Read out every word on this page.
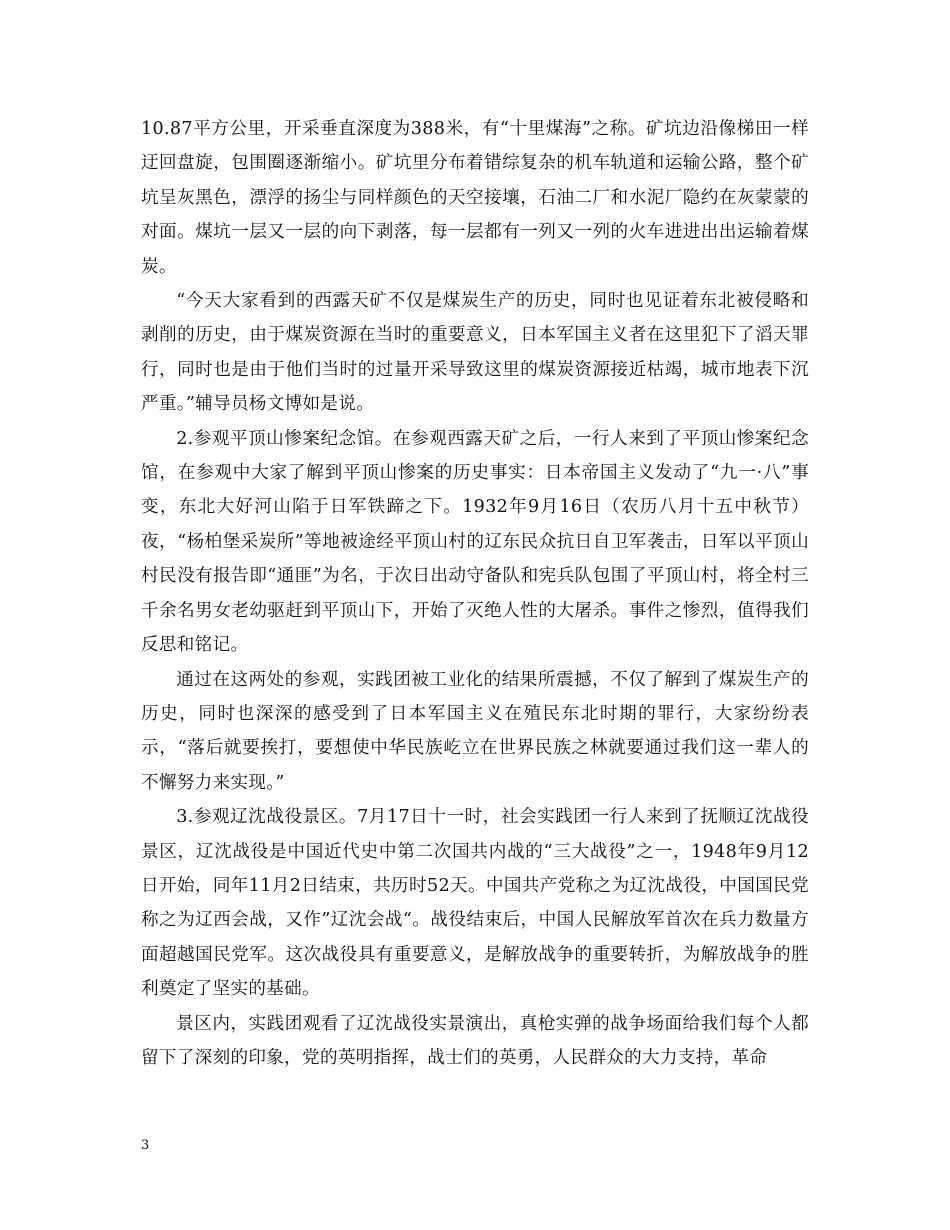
10.87平方公里，开采垂直深度为388米，有“十里煤海”之称。矿坑边沿像梯田一样迂回盘旋，包围圈逐渐缩小。矿坑里分布着错综复杂的机车轨道和运输公路，整个矿坑呈灰黑色，漂浮的扬尘与同样颜色的天空接壤，石油二厂和水泥厂隐约在灰蒙蒙的对面。煤坑一层又一层的向下剥落，每一层都有一列又一列的火车进进出出运输着煤炭。

“今天大家看到的西露天矿不仅是煤炭生产的历史，同时也见证着东北被侵略和剥削的历史，由于煤炭资源在当时的重要意义，日本军国主义者在这里犯下了滔天罪行，同时也是由于他们当时的过量开采导致这里的煤炭资源接近枯竭，城市地表下沉严重。”辅导员杨文博如是说。

2.参观平顶山惨案纪念馆。在参观西露天矿之后，一行人来到了平顶山惨案纪念馆，在参观中大家了解到平顶山惨案的历史事实：日本帝国主义发动了“九一·八”事变，东北大好河山陷于日军铁蹄之下。1932年9月16日（农历八月十五中秋节）夜，“杨柏堡采炭所”等地被途经平顶山村的辽东民众抗日自卫军袭击，日军以平顶山村民没有报告即“通匪”为名，于次日出动守备队和宪兵队包围了平顶山村，将全村三千余名男女老幼驱赶到平顶山下，开始了灭绝人性的大屠杀。事件之惨烈，值得我们反思和铭记。

通过在这两处的参观，实践团被工业化的结果所震撼，不仅了解到了煤炭生产的历史，同时也深深的感受到了日本军国主义在殖民东北时期的罪行，大家纷纷表示，“落后就要挨打，要想使中华民族屹立在世界民族之林就要通过我们这一辈人的不懈努力来实现。”

3.参观辽沈战役景区。7月17日十一时，社会实践团一行人来到了抚顺辽沈战役景区，辽沈战役是中国近代史中第二次国共内战的“三大战役”之一，1948年9月12日开始，同年11月2日结束，共历时52天。中国共产党称之为辽沈战役，中国国民党称之为辽西会战，又作”辽沈会战“。战役结束后，中国人民解放军首次在兵力数量方面超越国民党军。这次战役具有重要意义，是解放战争的重要转折，为解放战争的胜利奠定了坚实的基础。

景区内，实践团观看了辽沈战役实景演出，真枪实弹的战争场面给我们每个人都留下了深刻的印象，党的英明指挥，战士们的英勇，人民群众的大力支持，革命

3
